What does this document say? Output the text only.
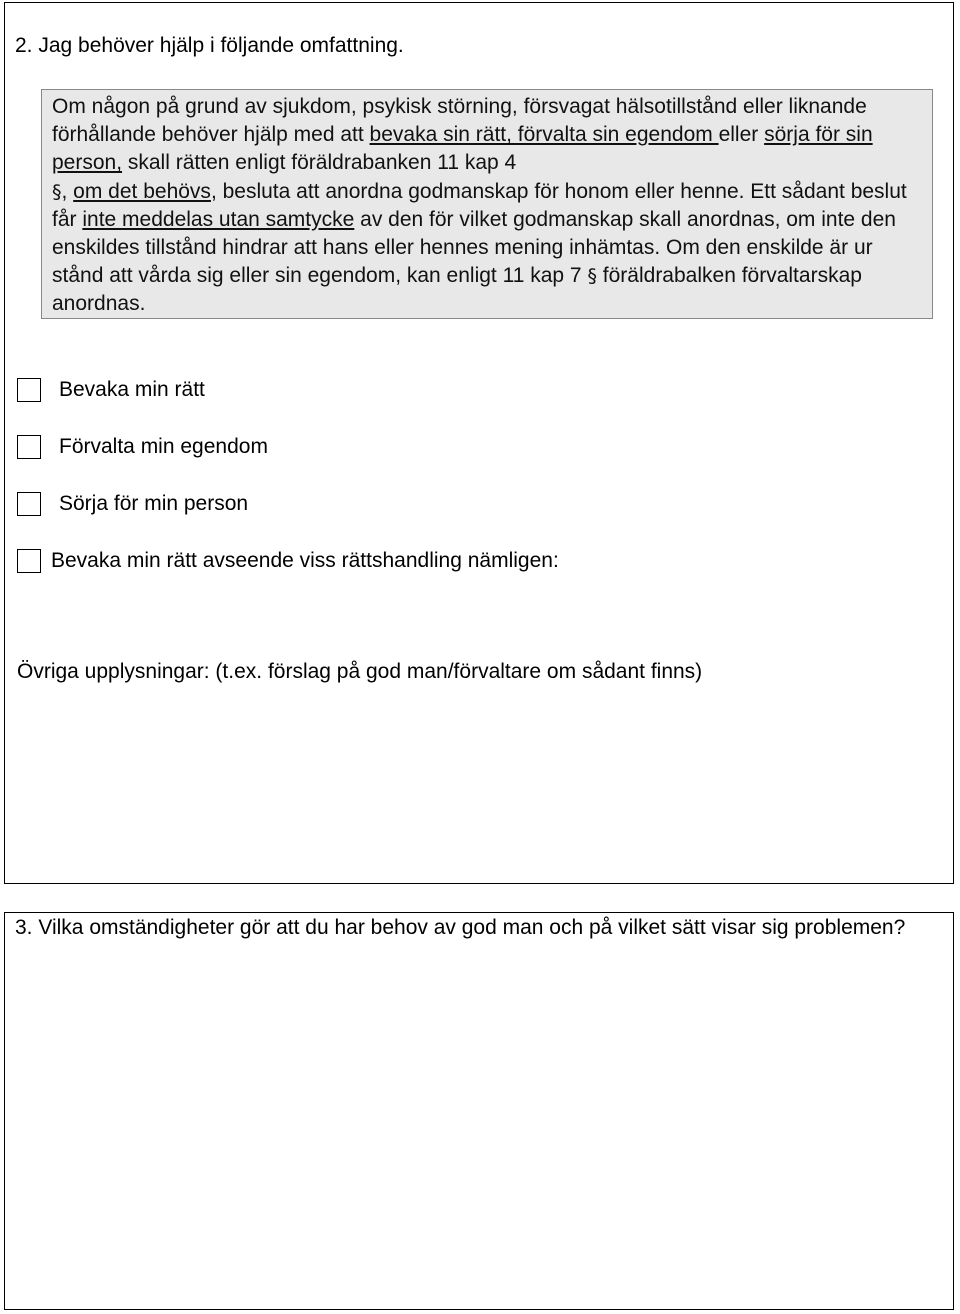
2. Jag behöver hjälp i följande omfattning.
Om någon på grund av sjukdom, psykisk störning, försvagat hälsotillstånd eller liknande förhållande behöver hjälp med att bevaka sin rätt, förvalta sin egendom eller sörja för sin person, skall rätten enligt föräldrabanken 11 kap 4
§, om det behövs, besluta att anordna godmanskap för honom eller henne. Ett sådant beslut får inte meddelas utan samtycke av den för vilket godmanskap skall anordnas, om inte den enskildes tillstånd hindrar att hans eller hennes mening inhämtas. Om den enskilde är ur stånd att vårda sig eller sin egendom, kan enligt 11 kap 7 § föräldrabalken förvaltarskap anordnas.
Bevaka min rätt
Förvalta min egendom
Sörja för min person
Bevaka min rätt avseende viss rättshandling nämligen:
Övriga upplysningar: (t.ex. förslag på god man/förvaltare om sådant finns)
3. Vilka omständigheter gör att du har behov av god man och på vilket sätt visar sig problemen?
